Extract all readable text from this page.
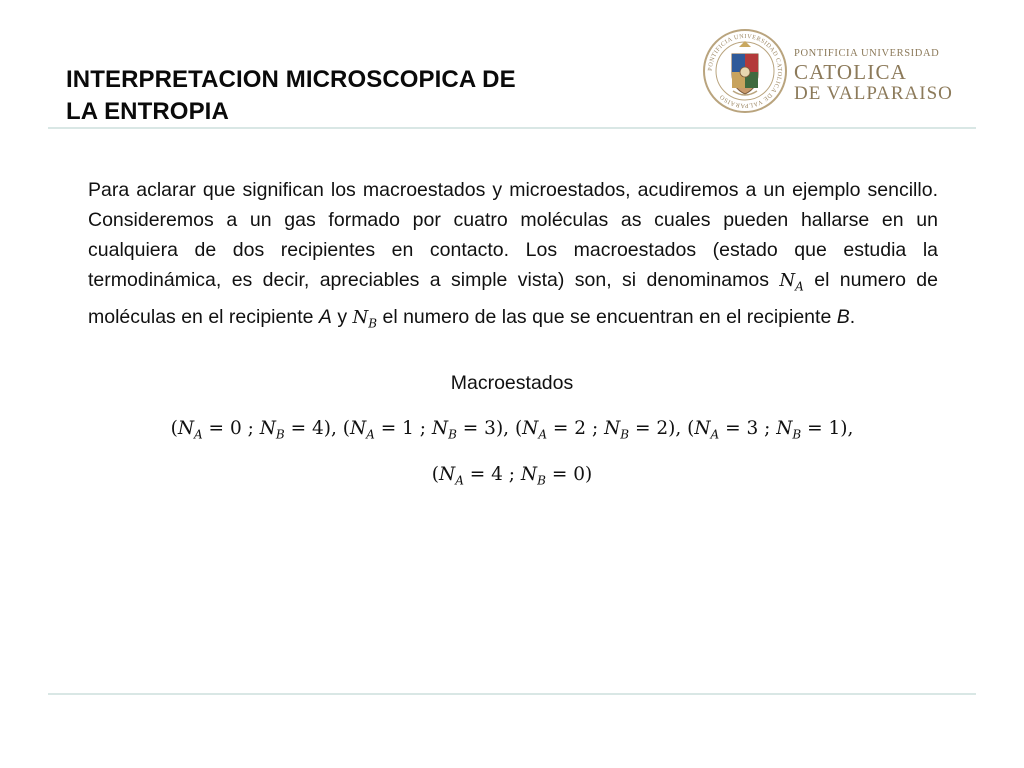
INTERPRETACION MICROSCOPICA DE
LA ENTROPIA
PONTIFICIA UNIVERSIDAD CATOLICA DE VALPARAISO
PONTIFICIA UNIVERSIDAD
CATOLICA
DE VALPARAISO

Para aclarar que significan los macroestados y microestados, acudiremos a un ejemplo sencillo. Consideremos a un gas formado por cuatro moléculas as cuales pueden hallarse en un cualquiera de dos recipientes en contacto. Los macroestados (estado que estudia la termodinámica, es decir, apreciables a simple vista) son, si denominamos $N_A$ el numero de moléculas en el recipiente A y $N_B$ el numero de las que se encuentran en el recipiente B.

Macroestados

($N_A = 0$ ; $N_B = 4$), ($N_A = 1$ ; $N_B = 3$), ($N_A = 2$ ; $N_B = 2$), ($N_A = 3$ ; $N_B = 1$),

($N_A = 4$ ; $N_B = 0$)
